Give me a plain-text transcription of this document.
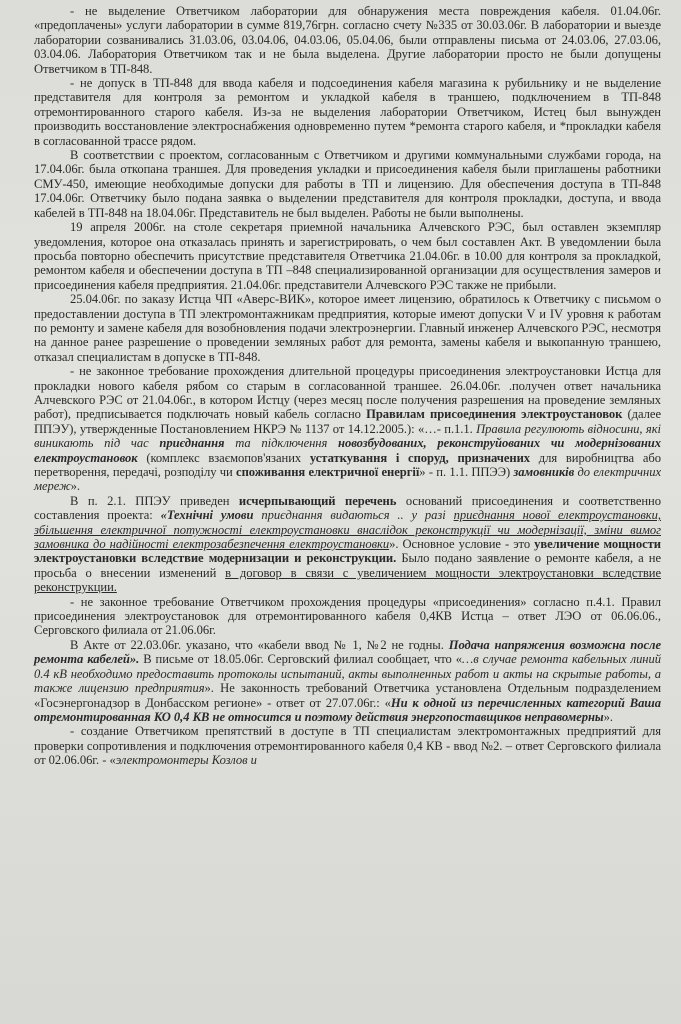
- не выделение Ответчиком лаборатории для обнаружения места повреждения кабеля. 01.04.06г. «предоплачены» услуги лаборатории в сумме 819,76грн. согласно счету №335 от 30.03.06г. В лаборатории и выезде лаборатории созванивались 31.03.06, 03.04.06, 04.03.06, 05.04.06, были отправлены письма от 24.03.06, 27.03.06, 03.04.06. Лаборатория Ответчиком так и не была выделена. Другие лаборатории просто не были допущены Ответчиком в ТП-848.

- не допуск в ТП-848 для ввода кабеля и подсоединения кабеля магазина к рубильнику и не выделение представителя для контроля за ремонтом и укладкой кабеля в траншею, подключением в ТП-848 отремонтированного старого кабеля. Из-за не выделения лаборатории Ответчиком, Истец был вынужден производить восстановление электроснабжения одновременно путем *ремонта старого кабеля, и *прокладки кабеля в согласованной трассе рядом.

В соответствии с проектом, согласованным с Ответчиком и другими коммунальными службами города, на 17.04.06г. была откопана траншея. Для проведения укладки и присоединения кабеля были приглашены работники СМУ-450, имеющие необходимые допуски для работы в ТП и лицензию. Для обеспечения доступа в ТП-848 17.04.06г. Ответчику было подана заявка о выделении представителя для контроля прокладки, доступа, и ввода кабелей в ТП-848 на 18.04.06г. Представитель не был выделен. Работы не были выполнены.

19 апреля 2006г. на столе секретаря приемной начальника Алчевского РЭС, был оставлен экземпляр уведомления, которое она отказалась принять и зарегистрировать, о чем был составлен Акт. В уведомлении была просьба повторно обеспечить присутствие представителя Ответчика 21.04.06г. в 10.00 для контроля за прокладкой, ремонтом кабеля и обеспечении доступа в ТП –848 специализированной организации для осуществления замеров и присоединения кабеля предприятия. 21.04.06г. представители Алчевского РЭС также не прибыли.

25.04.06г. по заказу Истца ЧП «Аверс-ВИК», которое имеет лицензию, обратилось к Ответчику с письмом о предоставлении доступа в ТП электромонтажникам предприятия, которые имеют допуски V и IV уровня к работам по ремонту и замене кабеля для возобновления подачи электроэнергии. Главный инженер Алчевского РЭС, несмотря на данное ранее разрешение о проведении земляных работ для ремонта, замены кабеля и выкопанную траншею, отказал специалистам в допуске в ТП-848.

- не законное требование прохождения длительной процедуры присоединения электроустановки Истца для прокладки нового кабеля рябом со старым в согласованной траншее. 26.04.06г. .получен ответ начальника Алчевского РЭС от 21.04.06г., в котором Истцу (через месяц после получения разрешения на проведение земляных работ), предписывается подключать новый кабель согласно Правилам присоединения электроустановок (далее ППЭУ), утвержденные Постановлением НКРЭ № 1137 от 14.12.2005.): «…- п.1.1. Правила регулюють відносини, які виникають під час приєднання та підключення новозбудованих, реконструйованих чи модернізованих електроустановок (комплекс взаємопов'язаних устаткування і споруд, призначених для виробництва або перетворення, передачі, розподілу чи споживання електричної енергії» - п. 1.1. ППЭЭ) замовників до електричних мереж».

В п. 2.1. ППЭУ приведен исчерпывающий перечень оснований присоединения и соответственно составления проекта: «Технічні умови приєднання видаються .. у разі приєднання нової електроустановки, збільшення електричної потужності електроустановки внаслідок реконструкції чи модернізації, зміни вимог замовника до надійності електрозабезпечення електроустановки». Основное условие - это увеличение мощности электроустановки вследствие модернизации и реконструкции. Было подано заявление о ремонте кабеля, а не просьба о внесении изменений в договор в связи с увеличением мощности электроустановки вследствие реконструкции.

- не законное требование Ответчиком прохождения процедуры «присоединения» согласно п.4.1. Правил присоединения электроустановок для отремонтированного кабеля 0,4КВ Истца – ответ ЛЭО от 06.06.06., Серговского филиала от 21.06.06г.

В Акте от 22.03.06г. указано, что «кабели ввод № 1, №2 не годны. Подача напряжения возможна после ремонта кабелей». В письме от 18.05.06г. Серговский филиал сообщает, что «…в случае ремонта кабельных линий 0.4 кВ необходимо предоставить протоколы испытаний, акты выполненных работ и акты на скрытые работы, а также лицензию предприятия». Не законность требований Ответчика установлена Отдельным подразделением «Госэнергонадзор в Донбасском регионе» - ответ от 27.07.06г.: «Ни к одной из перечисленных категорий Ваша отремонтированная КО 0,4 КВ не относится и поэтому действия энергопоставщиков неправомерны».

- создание Ответчиком препятствий в доступе в ТП специалистам электромонтажных предприятий для проверки сопротивления и подключения отремонтированного кабеля 0,4 КВ - ввод №2. – ответ Серговского филиала от 02.06.06г. - «электромонтеры Козлов и
